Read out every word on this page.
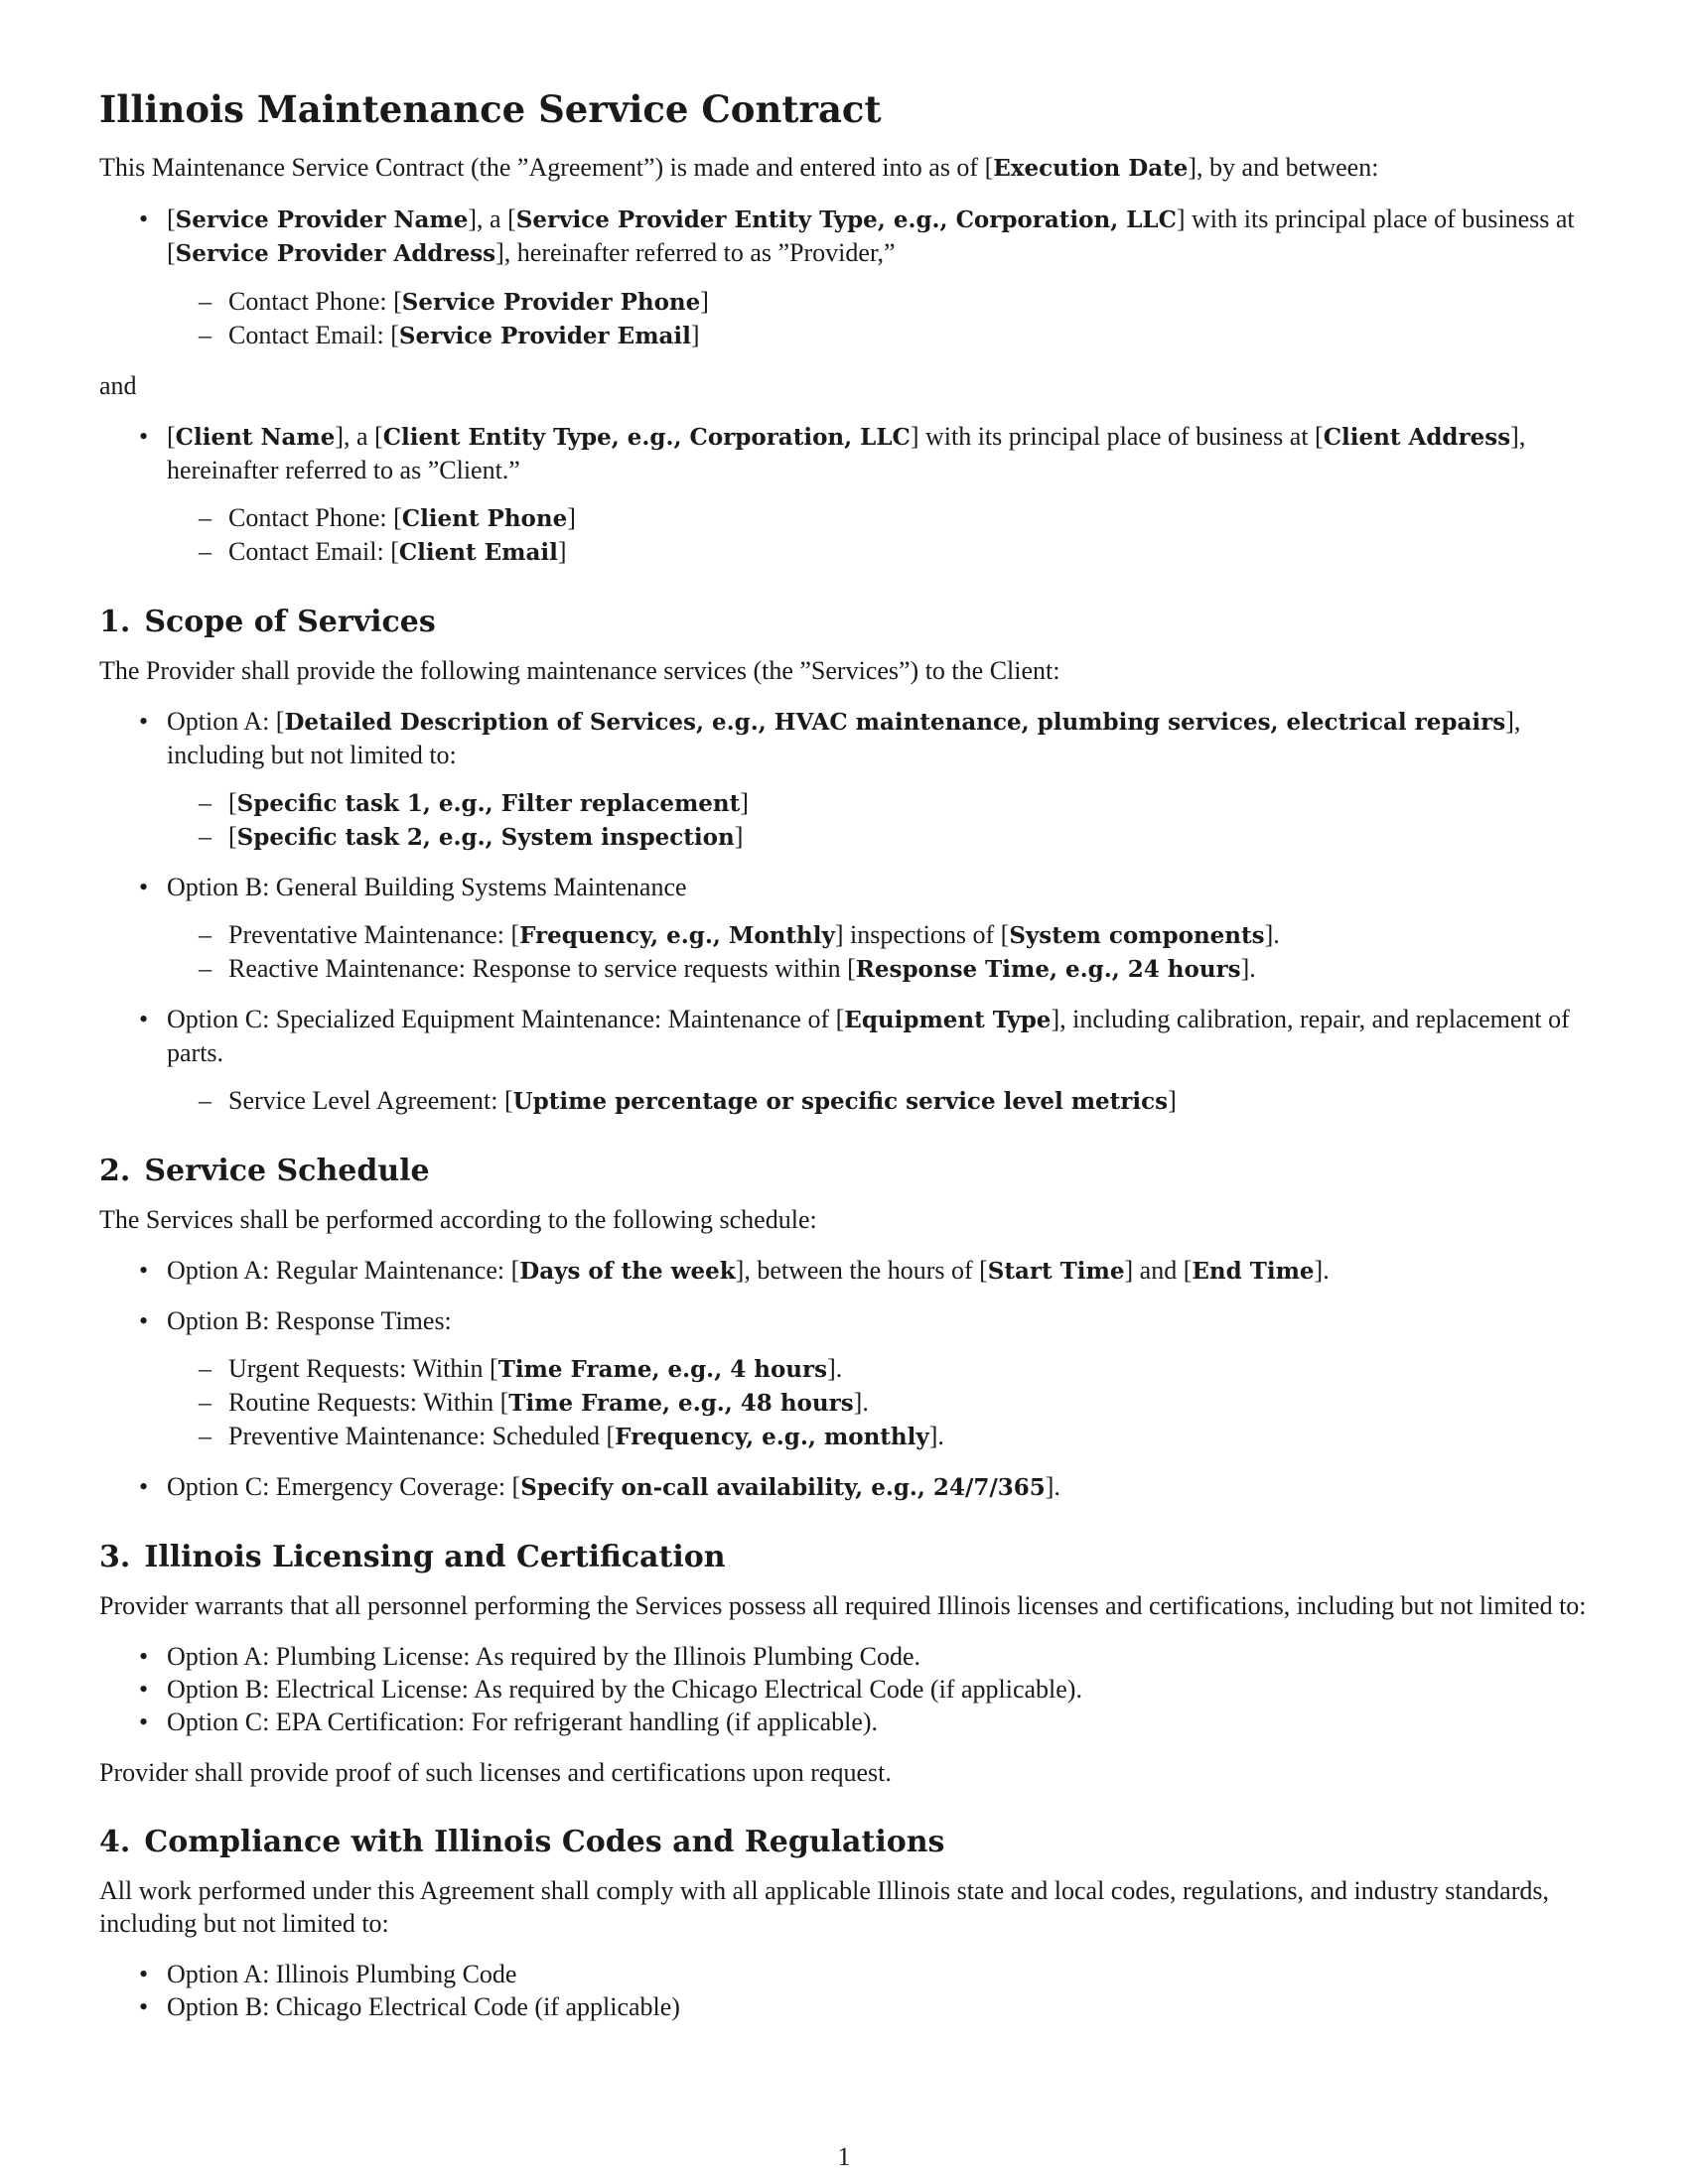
Illinois Maintenance Service Contract

This Maintenance Service Contract (the ”Agreement”) is made and entered into as of [Execution Date], by and between:

• [Service Provider Name], a [Service Provider Entity Type, e.g., Corporation, LLC] with its principal place of business at [Service Provider Address], hereinafter referred to as ”Provider,”
– Contact Phone: [Service Provider Phone]
– Contact Email: [Service Provider Email]

and

• [Client Name], a [Client Entity Type, e.g., Corporation, LLC] with its principal place of business at [Client Address], hereinafter referred to as ”Client.”
– Contact Phone: [Client Phone]
– Contact Email: [Client Email]
1. Scope of Services

The Provider shall provide the following maintenance services (the ”Services”) to the Client:

• Option A: [Detailed Description of Services, e.g., HVAC maintenance, plumbing services, electrical repairs], including but not limited to:
– [Specific task 1, e.g., Filter replacement]
– [Specific task 2, e.g., System inspection]
• Option B: General Building Systems Maintenance
– Preventative Maintenance: [Frequency, e.g., Monthly] inspections of [System components].
– Reactive Maintenance: Response to service requests within [Response Time, e.g., 24 hours].
• Option C: Specialized Equipment Maintenance: Maintenance of [Equipment Type], including calibration, repair, and replacement of parts.
– Service Level Agreement: [Uptime percentage or specific service level metrics]
2. Service Schedule

The Services shall be performed according to the following schedule:

• Option A: Regular Maintenance: [Days of the week], between the hours of [Start Time] and [End Time].
• Option B: Response Times:
– Urgent Requests: Within [Time Frame, e.g., 4 hours].
– Routine Requests: Within [Time Frame, e.g., 48 hours].
– Preventive Maintenance: Scheduled [Frequency, e.g., monthly].
• Option C: Emergency Coverage: [Specify on-call availability, e.g., 24/7/365].
3. Illinois Licensing and Certification

Provider warrants that all personnel performing the Services possess all required Illinois licenses and certifications, including but not limited to:

• Option A: Plumbing License: As required by the Illinois Plumbing Code.
• Option B: Electrical License: As required by the Chicago Electrical Code (if applicable).
• Option C: EPA Certification: For refrigerant handling (if applicable).

Provider shall provide proof of such licenses and certifications upon request.

4. Compliance with Illinois Codes and Regulations

All work performed under this Agreement shall comply with all applicable Illinois state and local codes, regulations, and industry standards, including but not limited to:

• Option A: Illinois Plumbing Code
• Option B: Chicago Electrical Code (if applicable)
1
